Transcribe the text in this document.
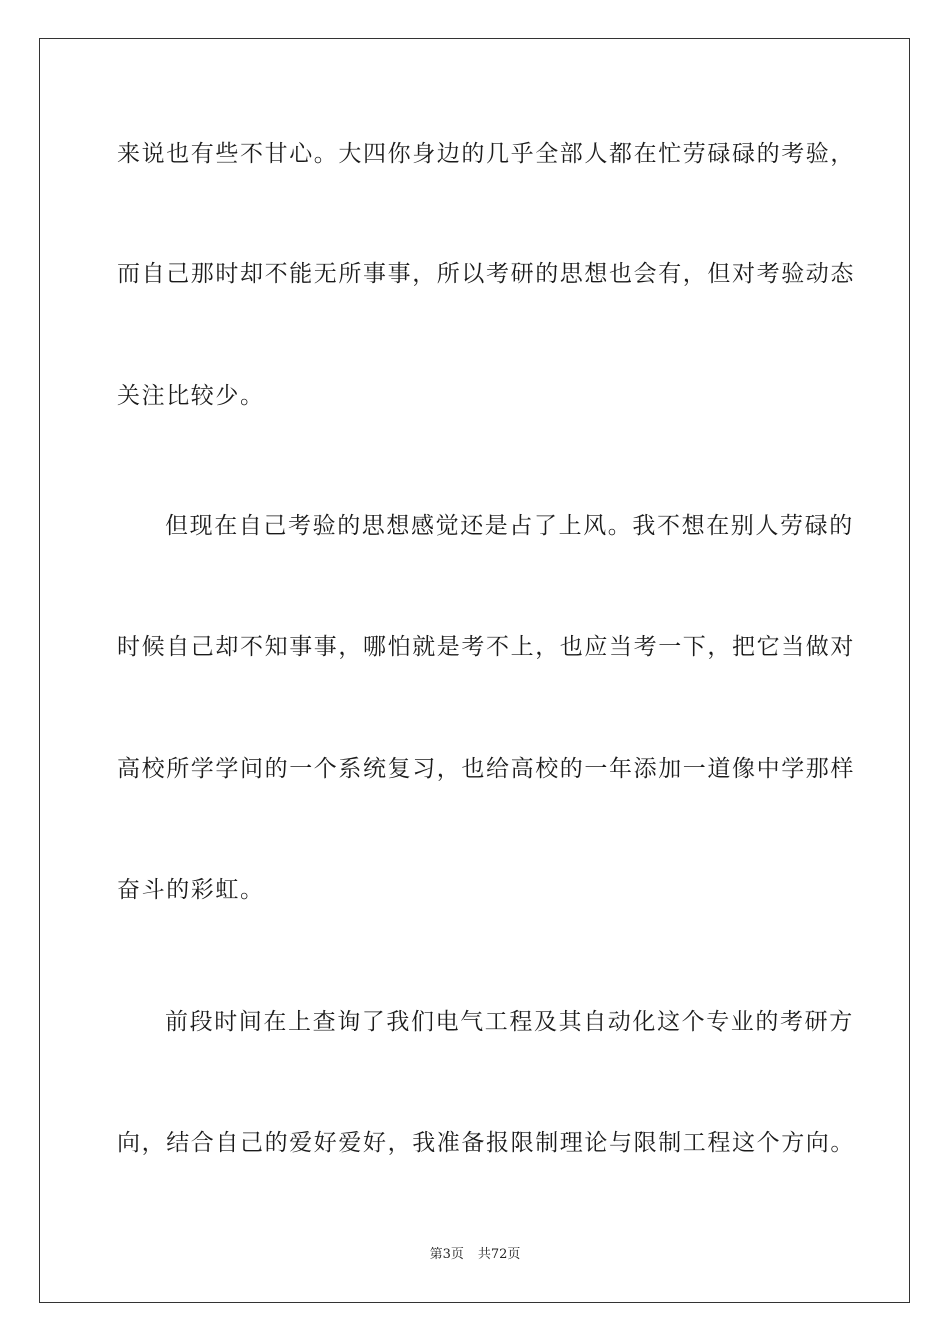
来说也有些不甘心。大四你身边的几乎全部人都在忙劳碌碌的考验，
而自己那时却不能无所事事，所以考研的思想也会有，但对考验动态
关注比较少。
但现在自己考验的思想感觉还是占了上风。我不想在别人劳碌的
时候自己却不知事事，哪怕就是考不上，也应当考一下，把它当做对
高校所学学问的一个系统复习，也给高校的一年添加一道像中学那样
奋斗的彩虹。
前段时间在上查询了我们电气工程及其自动化这个专业的考研方
向，结合自己的爱好爱好，我准备报限制理论与限制工程这个方向。
第3页 共72页
